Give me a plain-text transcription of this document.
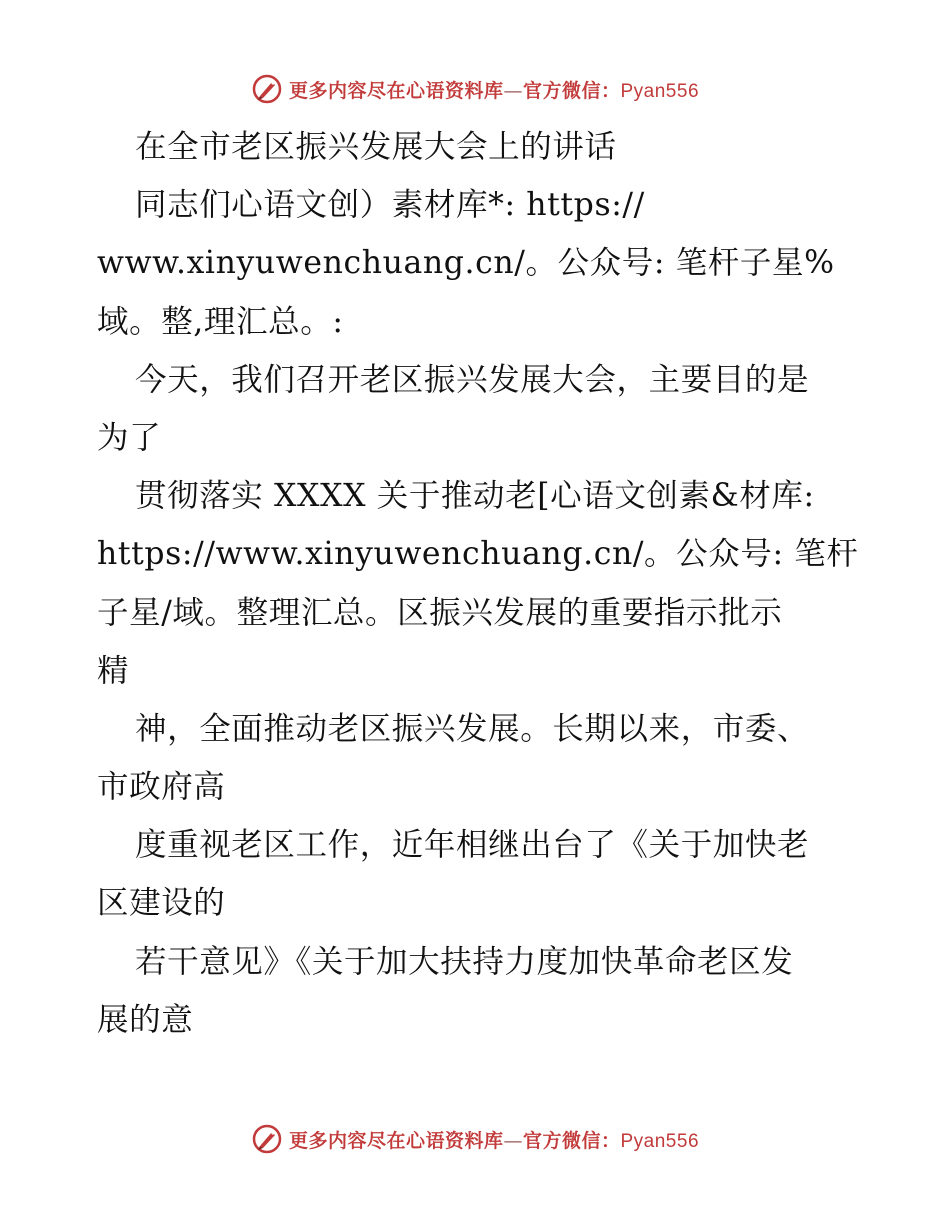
更多内容尽在心语资料库—官方微信：Pyan556
在全市老区振兴发展大会上的讲话
同志们心语文创）素材库*: https://
www.xinyuwenchuang.cn/。公众号: 笔杆子星%
域。整,理汇总。:
今天，我们召开老区振兴发展大会，主要目的是
为了
贯彻落实 XXXX 关于推动老[心语文创素&材库:
https://www.xinyuwenchuang.cn/。公众号: 笔杆
子星/域。整理汇总。区振兴发展的重要指示批示
精
神，全面推动老区振兴发展。长期以来，市委、
市政府高
度重视老区工作，近年相继出台了《关于加快老
区建设的
若干意见》《关于加大扶持力度加快革命老区发
展的意
更多内容尽在心语资料库—官方微信：Pyan556
